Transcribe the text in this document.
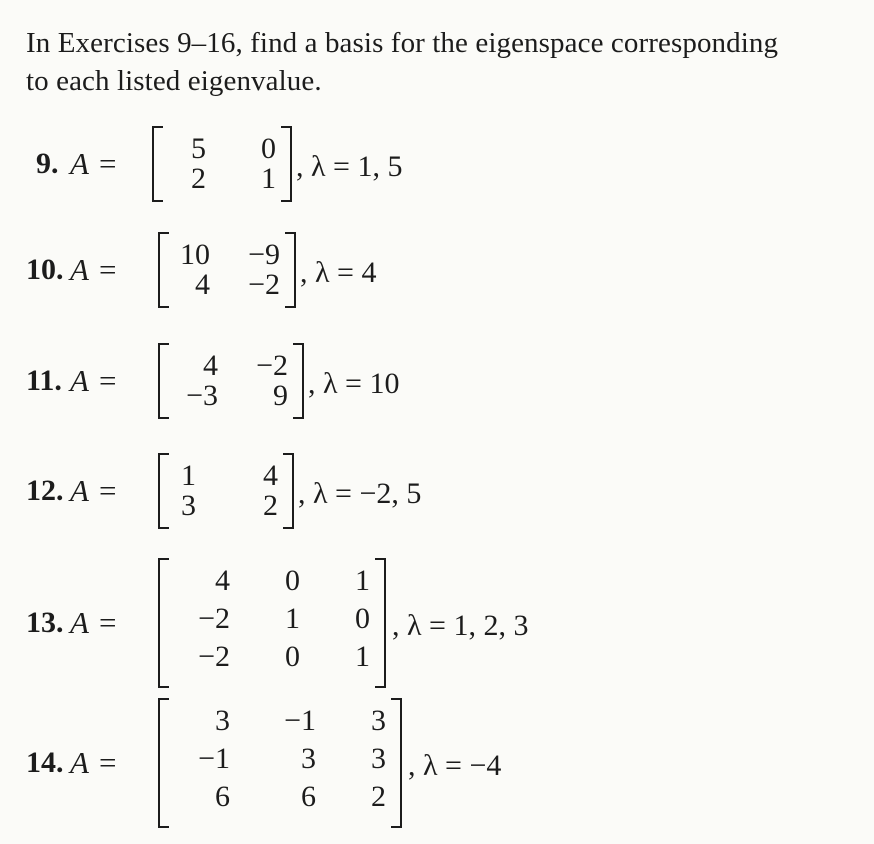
In Exercises 9–16, find a basis for the eigenspace corresponding
to each listed eigenvalue.
9. A =	5	0
2	1 , λ = 1, 5
10. A =	10	−9
4	−2 , λ = 4
11. A =	4	−2
−3	9 , λ = 10
12. A =	1	4
3	2 , λ = −2, 5
13. A =
4	0	1
−2	1	0
−2	0	1
, λ = 1, 2, 3
14. A =
3	−1	3
−1	3	3
6	6	2
, λ = −4
